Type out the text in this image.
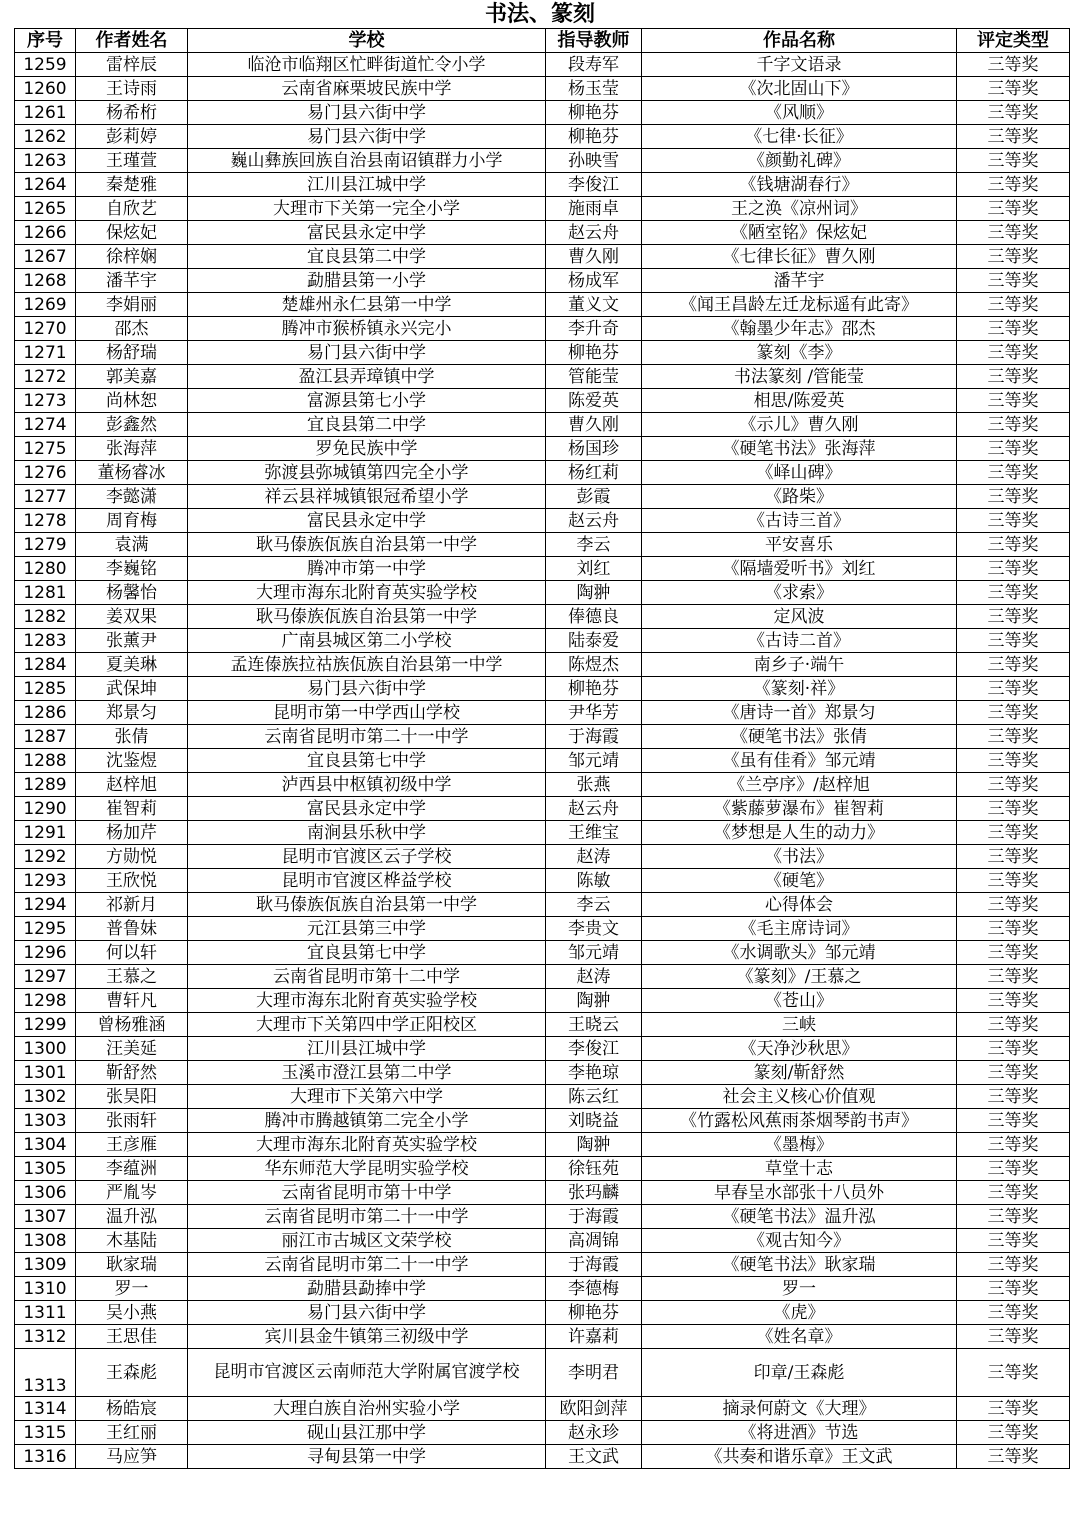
书法、篆刻
序号	作者姓名	学校	指导教师	作品名称	评定类型
1259	雷梓辰	临沧市临翔区忙畔街道忙令小学	段寿军	千字文语录	三等奖
1260	王诗雨	云南省麻栗坡民族中学	杨玉莹	《次北固山下》	三等奖
1261	杨希桁	易门县六街中学	柳艳芬	《风顺》	三等奖
1262	彭莉婷	易门县六街中学	柳艳芬	《七律·长征》	三等奖
1263	王瑾萱	巍山彝族回族自治县南诏镇群力小学	孙映雪	《颜勤礼碑》	三等奖
1264	秦楚雅	江川县江城中学	李俊江	《钱塘湖春行》	三等奖
1265	自欣艺	大理市下关第一完全小学	施雨卓	王之涣《凉州词》	三等奖
1266	保炫妃	富民县永定中学	赵云舟	《陋室铭》保炫妃	三等奖
1267	徐梓娴	宜良县第二中学	曹久刚	《七律长征》曹久刚	三等奖
1268	潘芊宇	勐腊县第一小学	杨成军	潘芊宇	三等奖
1269	李娟丽	楚雄州永仁县第一中学	董义文	《闻王昌龄左迁龙标遥有此寄》	三等奖
1270	邵杰	腾冲市猴桥镇永兴完小	李升奇	《翰墨少年志》邵杰	三等奖
1271	杨舒瑞	易门县六街中学	柳艳芬	篆刻《李》	三等奖
1272	郭美嘉	盈江县弄璋镇中学	管能莹	书法篆刻 /管能莹	三等奖
1273	尚林恕	富源县第七小学	陈爱英	相思/陈爱英	三等奖
1274	彭鑫然	宜良县第二中学	曹久刚	《示儿》曹久刚	三等奖
1275	张海萍	罗免民族中学	杨国珍	《硬笔书法》张海萍	三等奖
1276	董杨睿冰	弥渡县弥城镇第四完全小学	杨红莉	《峄山碑》	三等奖
1277	李懿潇	祥云县祥城镇银冠希望小学	彭霞	《路柴》	三等奖
1278	周育梅	富民县永定中学	赵云舟	《古诗三首》	三等奖
1279	袁满	耿马傣族佤族自治县第一中学	李云	平安喜乐	三等奖
1280	李巍铭	腾冲市第一中学	刘红	《隔墙爱听书》刘红	三等奖
1281	杨馨怡	大理市海东北附育英实验学校	陶翀	《求索》	三等奖
1282	姜双果	耿马傣族佤族自治县第一中学	俸德良	定风波	三等奖
1283	张薰尹	广南县城区第二小学校	陆泰爱	《古诗二首》	三等奖
1284	夏美琳	孟连傣族拉祜族佤族自治县第一中学	陈煜杰	南乡子·端午	三等奖
1285	武保坤	易门县六街中学	柳艳芬	《篆刻·祥》	三等奖
1286	郑景匀	昆明市第一中学西山学校	尹华芳	《唐诗一首》郑景匀	三等奖
1287	张倩	云南省昆明市第二十一中学	于海霞	《硬笔书法》张倩	三等奖
1288	沈鉴煜	宜良县第七中学	邹元靖	《虽有佳肴》邹元靖	三等奖
1289	赵梓旭	泸西县中枢镇初级中学	张燕	《兰亭序》/赵梓旭	三等奖
1290	崔智莉	富民县永定中学	赵云舟	《紫藤萝瀑布》崔智莉	三等奖
1291	杨加芹	南涧县乐秋中学	王维宝	《梦想是人生的动力》	三等奖
1292	方勋悦	昆明市官渡区云子学校	赵涛	《书法》	三等奖
1293	王欣悦	昆明市官渡区桦益学校	陈敏	《硬笔》	三等奖
1294	祁新月	耿马傣族佤族自治县第一中学	李云	心得体会	三等奖
1295	普鲁妹	元江县第三中学	李贵文	《毛主席诗词》	三等奖
1296	何以轩	宜良县第七中学	邹元靖	《水调歌头》邹元靖	三等奖
1297	王慕之	云南省昆明市第十二中学	赵涛	《篆刻》/王慕之	三等奖
1298	曹轩凡	大理市海东北附育英实验学校	陶翀	《苍山》	三等奖
1299	曾杨雅涵	大理市下关第四中学正阳校区	王晓云	三峡	三等奖
1300	汪美延	江川县江城中学	李俊江	《天净沙秋思》	三等奖
1301	靳舒然	玉溪市澄江县第二中学	李艳琼	篆刻/靳舒然	三等奖
1302	张昊阳	大理市下关第六中学	陈云红	社会主义核心价值观	三等奖
1303	张雨轩	腾冲市腾越镇第二完全小学	刘晓益	《竹露松风蕉雨茶烟琴韵书声》	三等奖
1304	王彦雁	大理市海东北附育英实验学校	陶翀	《墨梅》	三等奖
1305	李蕴洲	华东师范大学昆明实验学校	徐钰苑	草堂十志	三等奖
1306	严胤岑	云南省昆明市第十中学	张玛麟	早春呈水部张十八员外	三等奖
1307	温升泓	云南省昆明市第二十一中学	于海霞	《硬笔书法》温升泓	三等奖
1308	木基陆	丽江市古城区文荣学校	高凋锦	《观古知今》	三等奖
1309	耿家瑞	云南省昆明市第二十一中学	于海霞	《硬笔书法》耿家瑞	三等奖
1310	罗一	勐腊县勐捧中学	李德梅	罗一	三等奖
1311	吴小燕	易门县六街中学	柳艳芬	《虎》	三等奖
1312	王思佳	宾川县金牛镇第三初级中学	许嘉莉	《姓名章》	三等奖
1313	王森彪	昆明市官渡区云南师范大学附属官渡学校	李明君	印章/王森彪	三等奖
1314	杨皓宸	大理白族自治州实验小学	欧阳剑萍	摘录何蔚文《大理》	三等奖
1315	王红丽	砚山县江那中学	赵永珍	《将进酒》节选	三等奖
1316	马应笋	寻甸县第一中学	王文武	《共奏和谐乐章》王文武	三等奖
